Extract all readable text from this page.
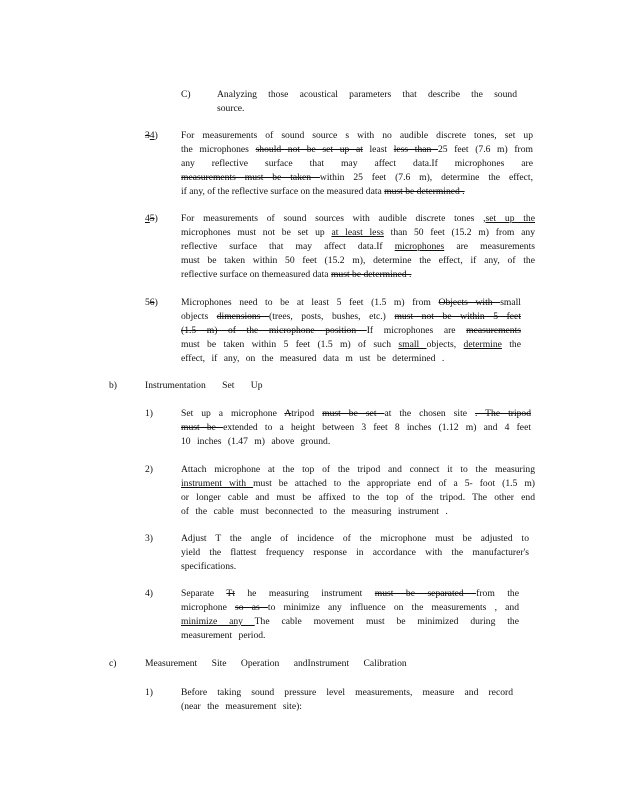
C)	Analyzing those acoustical parameters that describe the sound
source.
34) For measurements of sound source s with no audible discrete tones, set up
the microphones should not be set up at least less than 25 feet (7.6 m) from
any reflective surface that may affect data.If microphones are
measurements must be taken within 25 feet (7.6 m), determine the effect,
if any, of the reflective surface on the measured data must be determined .
45) For measurements of sound sources with audible discrete tones ,set up the
microphones must not be set up at least less than 50 feet (15.2 m) from any
reflective surface that may affect data.If microphones are measurements
must be taken within 50 feet (15.2 m), determine the effect, if any, of the
reflective surface on themeasured data must be determined .
56) Microphones need to be at least 5 feet (1.5 m) from Objects with small
objects dimensions (trees, posts, bushes, etc.) must not be within 5 feet
(1.5 m) of the microphone position If microphones are measurements
must be taken within 5 feet (1.5 m) of such small objects, determine the
effect, if any, on the measured data m ust be determined .
b)	Instrumentation Set Up
1)	Set up a microphone Atripod must be set at the chosen site . The tripod
must be extended to a height between 3 feet 8 inches (1.12 m) and 4 feet
10 inches (1.47 m) above ground.
2)	Attach microphone at the top of the tripod and connect it to the measuring
instrument with must be attached to the appropriate end of a 5- foot (1.5 m)
or longer cable and must be affixed to the top of the tripod. The other end
of the cable must beconnected to the measuring instrument .
3)	Adjust T the angle of incidence of the microphone must be adjusted to
yield the flattest frequency response in accordance with the manufacturer's
specifications.
4)	Separate Tt he measuring instrument must be separated from the
microphone so as to minimize any influence on the measurements , and
minimize any The cable movement must be minimized during the
measurement period.
c)	Measurement Site Operation andInstrument Calibration
1)	Before taking sound pressure level measurements, measure and record
(near the measurement site):
